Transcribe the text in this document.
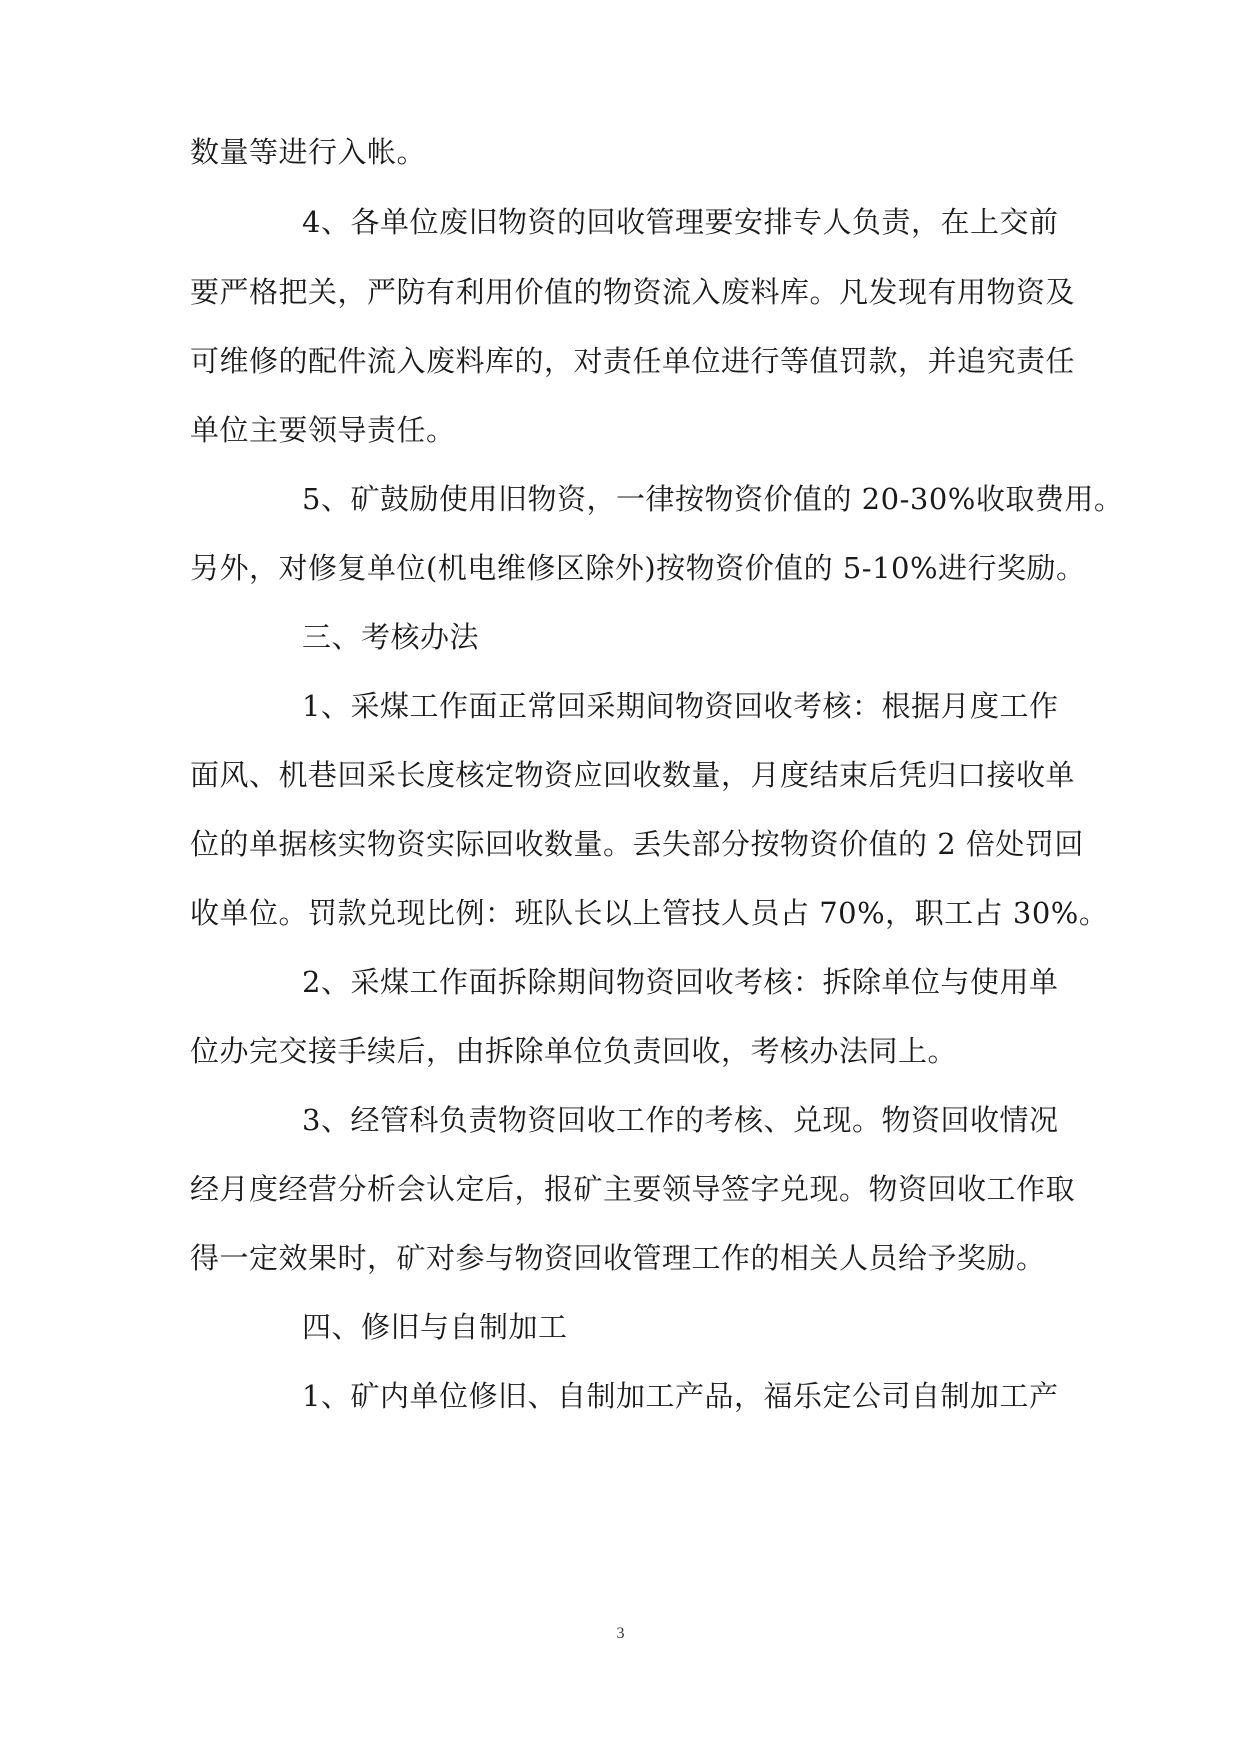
数量等进行入帐。
4、各单位废旧物资的回收管理要安排专人负责，在上交前
要严格把关，严防有利用价值的物资流入废料库。凡发现有用物资及
可维修的配件流入废料库的，对责任单位进行等值罚款，并追究责任
单位主要领导责任。
5、矿鼓励使用旧物资，一律按物资价值的 20-30%收取费用。
另外，对修复单位(机电维修区除外)按物资价值的 5-10%进行奖励。
三、考核办法
1、采煤工作面正常回采期间物资回收考核：根据月度工作
面风、机巷回采长度核定物资应回收数量，月度结束后凭归口接收单
位的单据核实物资实际回收数量。丢失部分按物资价值的 2 倍处罚回
收单位。罚款兑现比例：班队长以上管技人员占 70%，职工占 30%。
2、采煤工作面拆除期间物资回收考核：拆除单位与使用单
位办完交接手续后，由拆除单位负责回收，考核办法同上。
3、经管科负责物资回收工作的考核、兑现。物资回收情况
经月度经营分析会认定后，报矿主要领导签字兑现。物资回收工作取
得一定效果时，矿对参与物资回收管理工作的相关人员给予奖励。
四、修旧与自制加工
1、矿内单位修旧、自制加工产品，福乐定公司自制加工产
3
